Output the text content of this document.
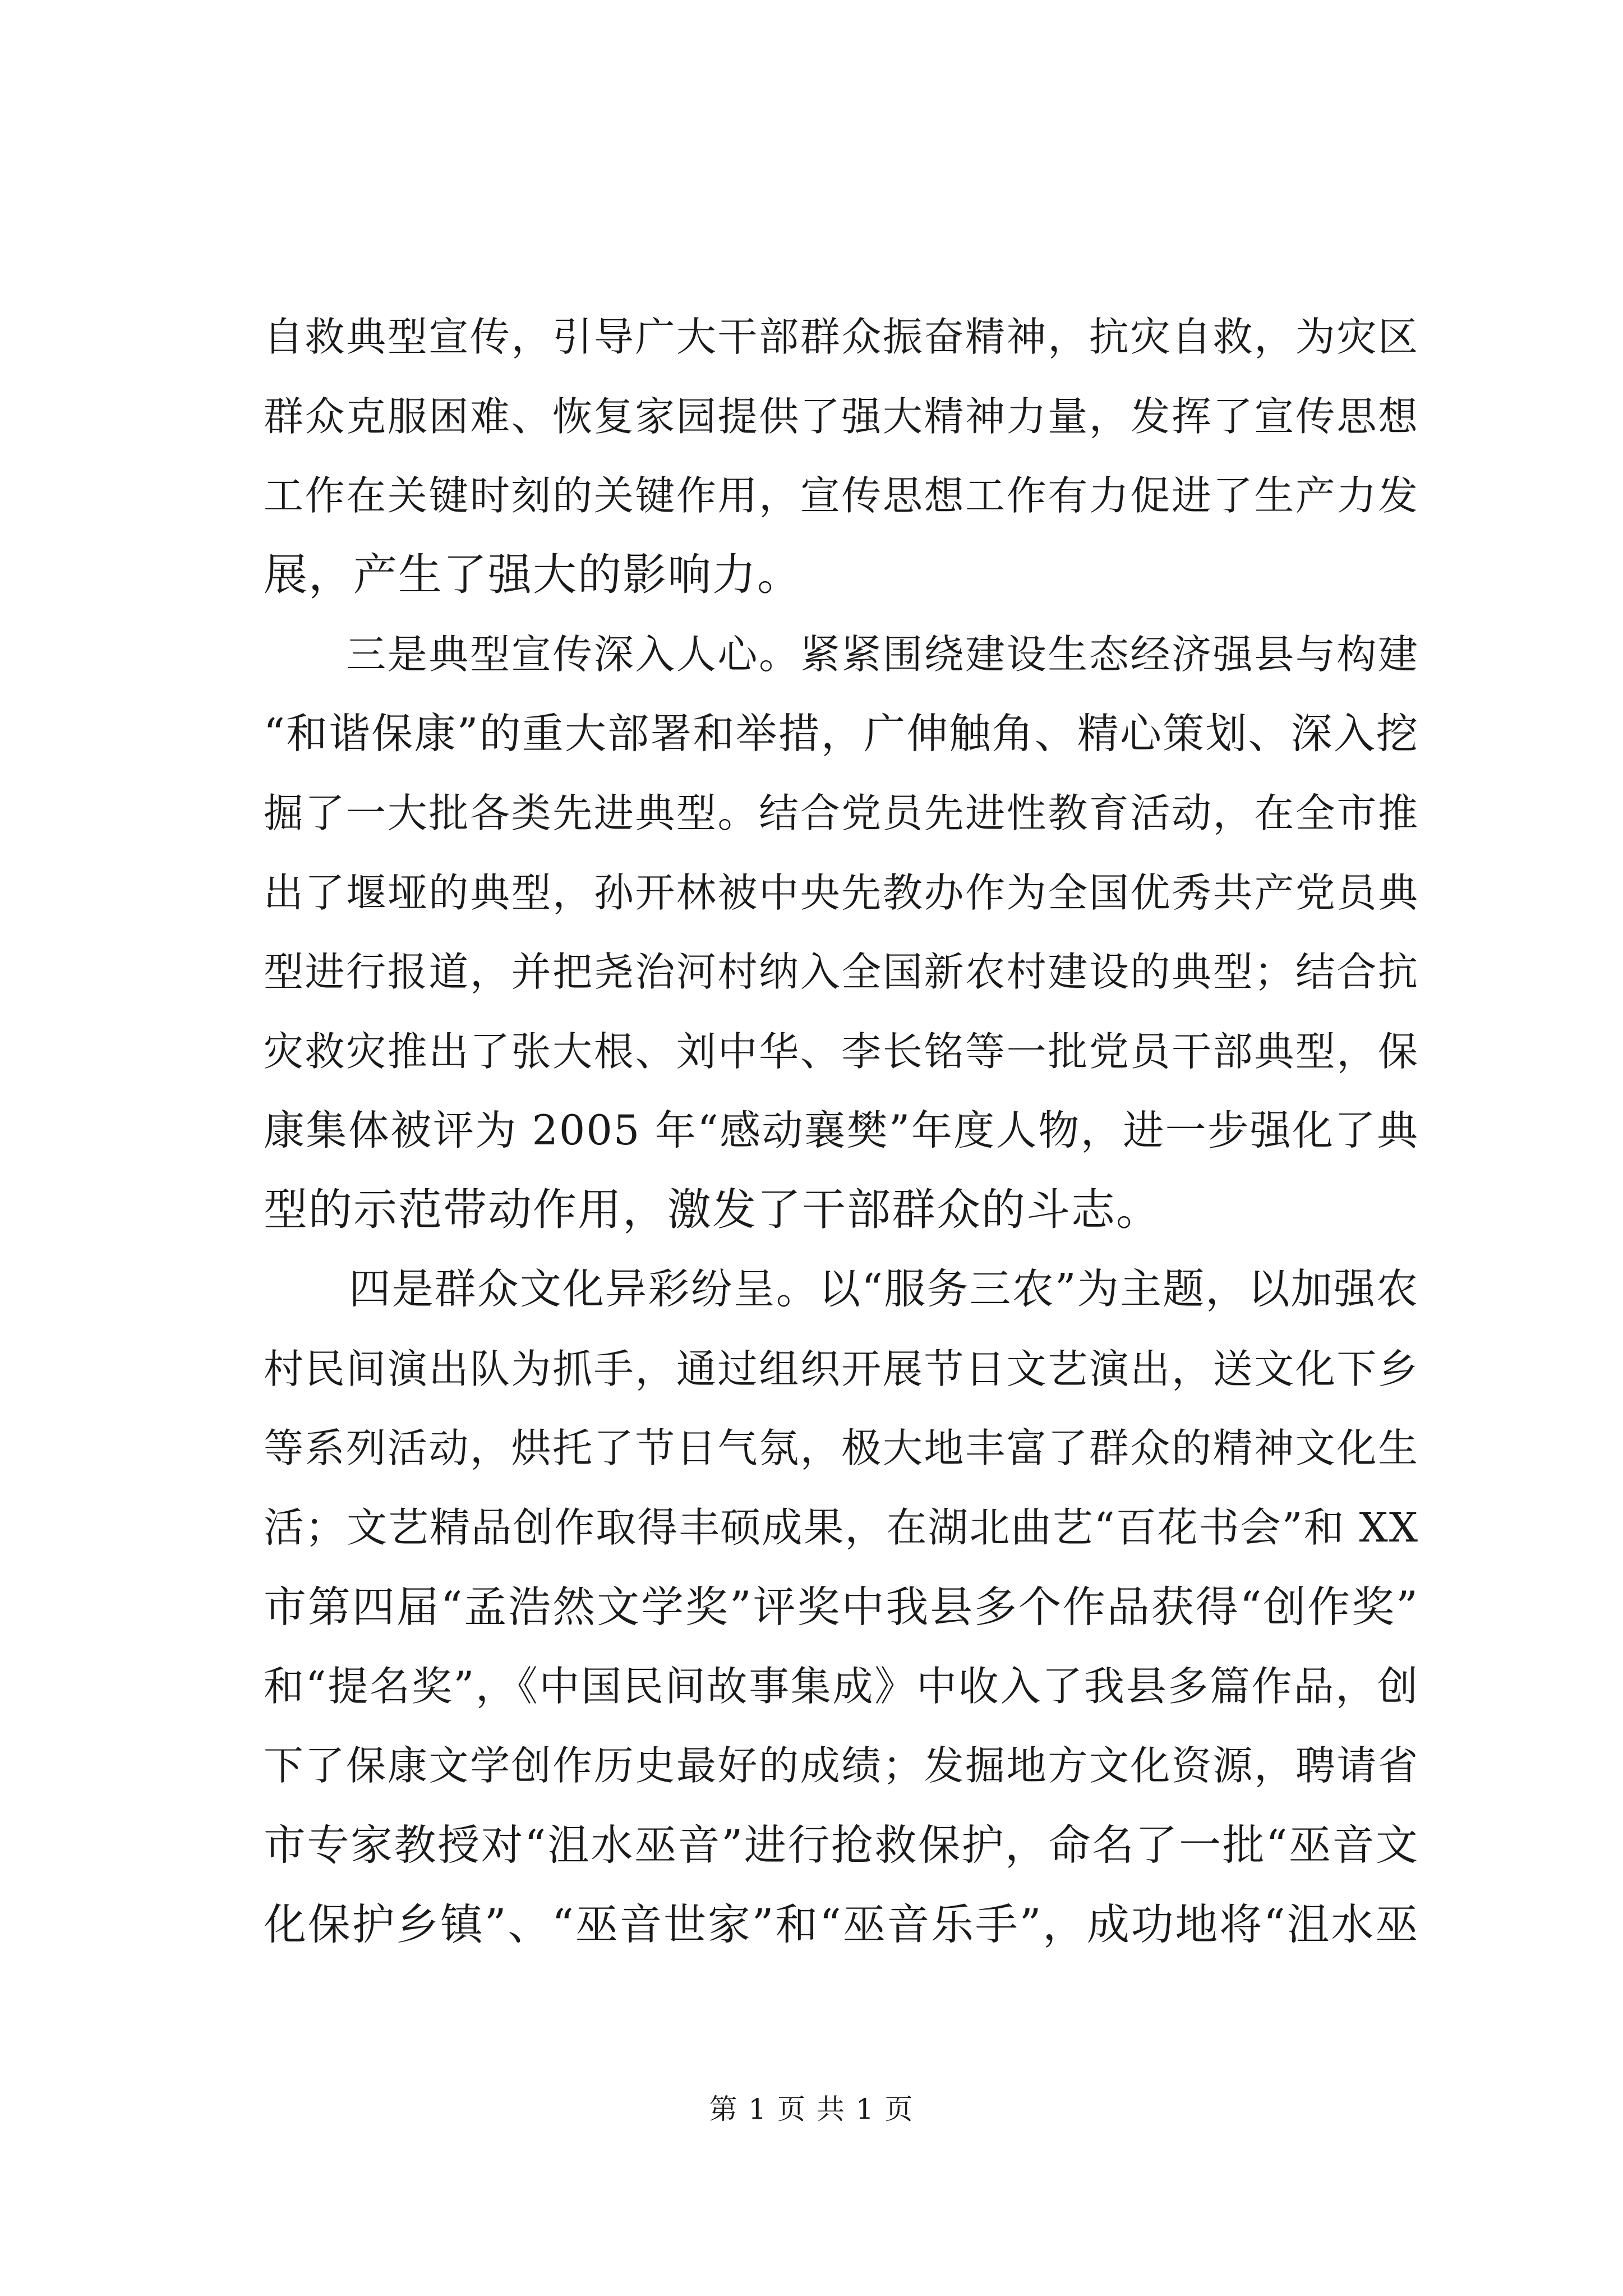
自救典型宣传，引导广大干部群众振奋精神，抗灾自救，为灾区
群众克服困难、恢复家园提供了强大精神力量，发挥了宣传思想
工作在关键时刻的关键作用，宣传思想工作有力促进了生产力发
展，产生了强大的影响力。
　　三是典型宣传深入人心。紧紧围绕建设生态经济强县与构建
“和谐保康”的重大部署和举措，广伸触角、精心策划、深入挖
掘了一大批各类先进典型。结合党员先进性教育活动，在全市推
出了堰垭的典型，孙开林被中央先教办作为全国优秀共产党员典
型进行报道，并把尧治河村纳入全国新农村建设的典型；结合抗
灾救灾推出了张大根、刘中华、李长铭等一批党员干部典型，保
康集体被评为 2005 年“感动襄樊”年度人物，进一步强化了典
型的示范带动作用，激发了干部群众的斗志。
　　四是群众文化异彩纷呈。以“服务三农”为主题，以加强农
村民间演出队为抓手，通过组织开展节日文艺演出，送文化下乡
等系列活动，烘托了节日气氛，极大地丰富了群众的精神文化生
活；文艺精品创作取得丰硕成果，在湖北曲艺“百花书会”和 XX
市第四届“孟浩然文学奖”评奖中我县多个作品获得“创作奖”
和“提名奖”，《中国民间故事集成》中收入了我县多篇作品，创
下了保康文学创作历史最好的成绩；发掘地方文化资源，聘请省
市专家教授对“沮水巫音”进行抢救保护，命名了一批“巫音文
化保护乡镇”、“巫音世家”和“巫音乐手”，成功地将“沮水巫
第 1 页 共 1 页
